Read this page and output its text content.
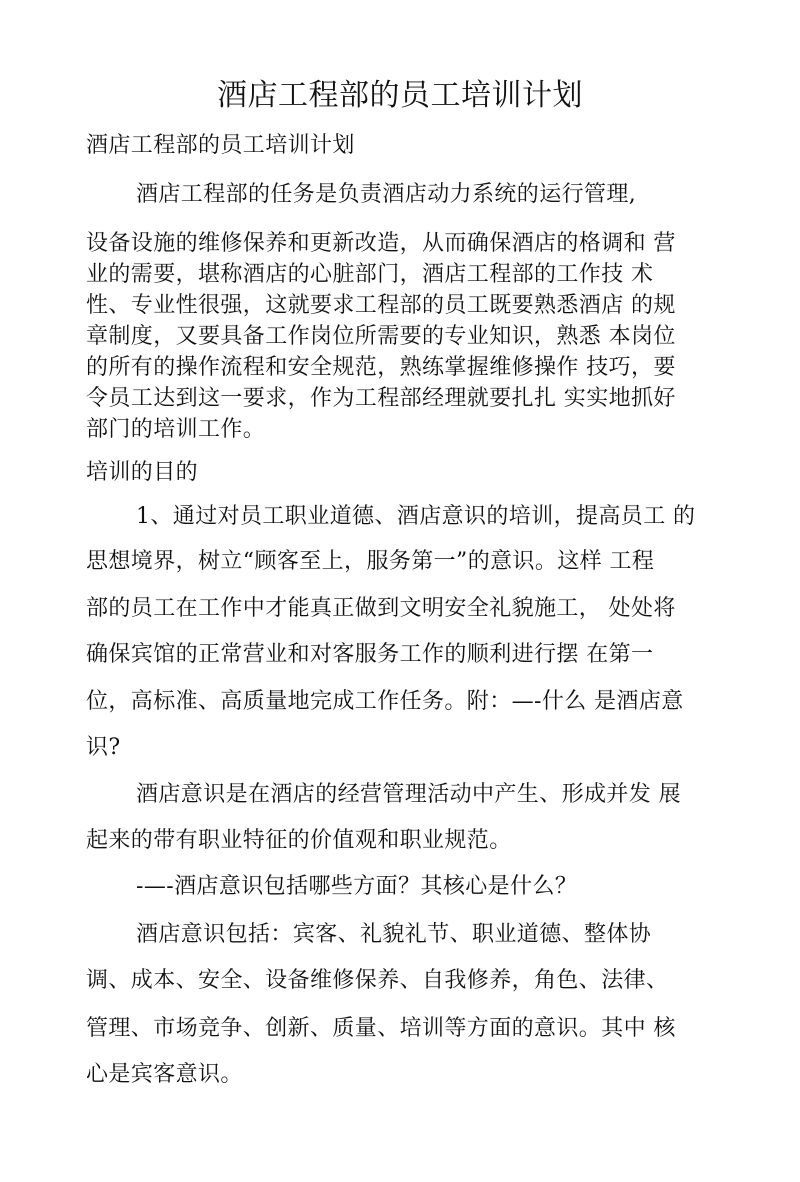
酒店工程部的员工培训计划
酒店工程部的员工培训计划
酒店工程部的任务是负责酒店动力系统的运行管理,
设备设施的维修保养和更新改造，从而确保酒店的格调和 营
业的需要，堪称酒店的心脏部门，酒店工程部的工作技 术
性、专业性很强，这就要求工程部的员工既要熟悉酒店 的规
章制度，又要具备工作岗位所需要的专业知识，熟悉 本岗位
的所有的操作流程和安全规范，熟练掌握维修操作 技巧，要
令员工达到这一要求，作为工程部经理就要扎扎 实实地抓好
部门的培训工作。
培训的目的
1、通过对员工职业道德、酒店意识的培训，提高员工 的
思想境界，树立“顾客至上，服务第一”的意识。这样 工程
部的员工在工作中才能真正做到文明安全礼貌施工， 处处将
确保宾馆的正常营业和对客服务工作的顺利进行摆 在第一
位，高标准、高质量地完成工作任务。附：—-什么 是酒店意
识?
酒店意识是在酒店的经营管理活动中产生、形成并发 展
起来的带有职业特征的价值观和职业规范。
-—-酒店意识包括哪些方面？其核心是什么？
酒店意识包括：宾客、礼貌礼节、职业道德、整体协
调、成本、安全、设备维修保养、自我修养，角色、法律、
管理、市场竞争、创新、质量、培训等方面的意识。其中 核
心是宾客意识。
